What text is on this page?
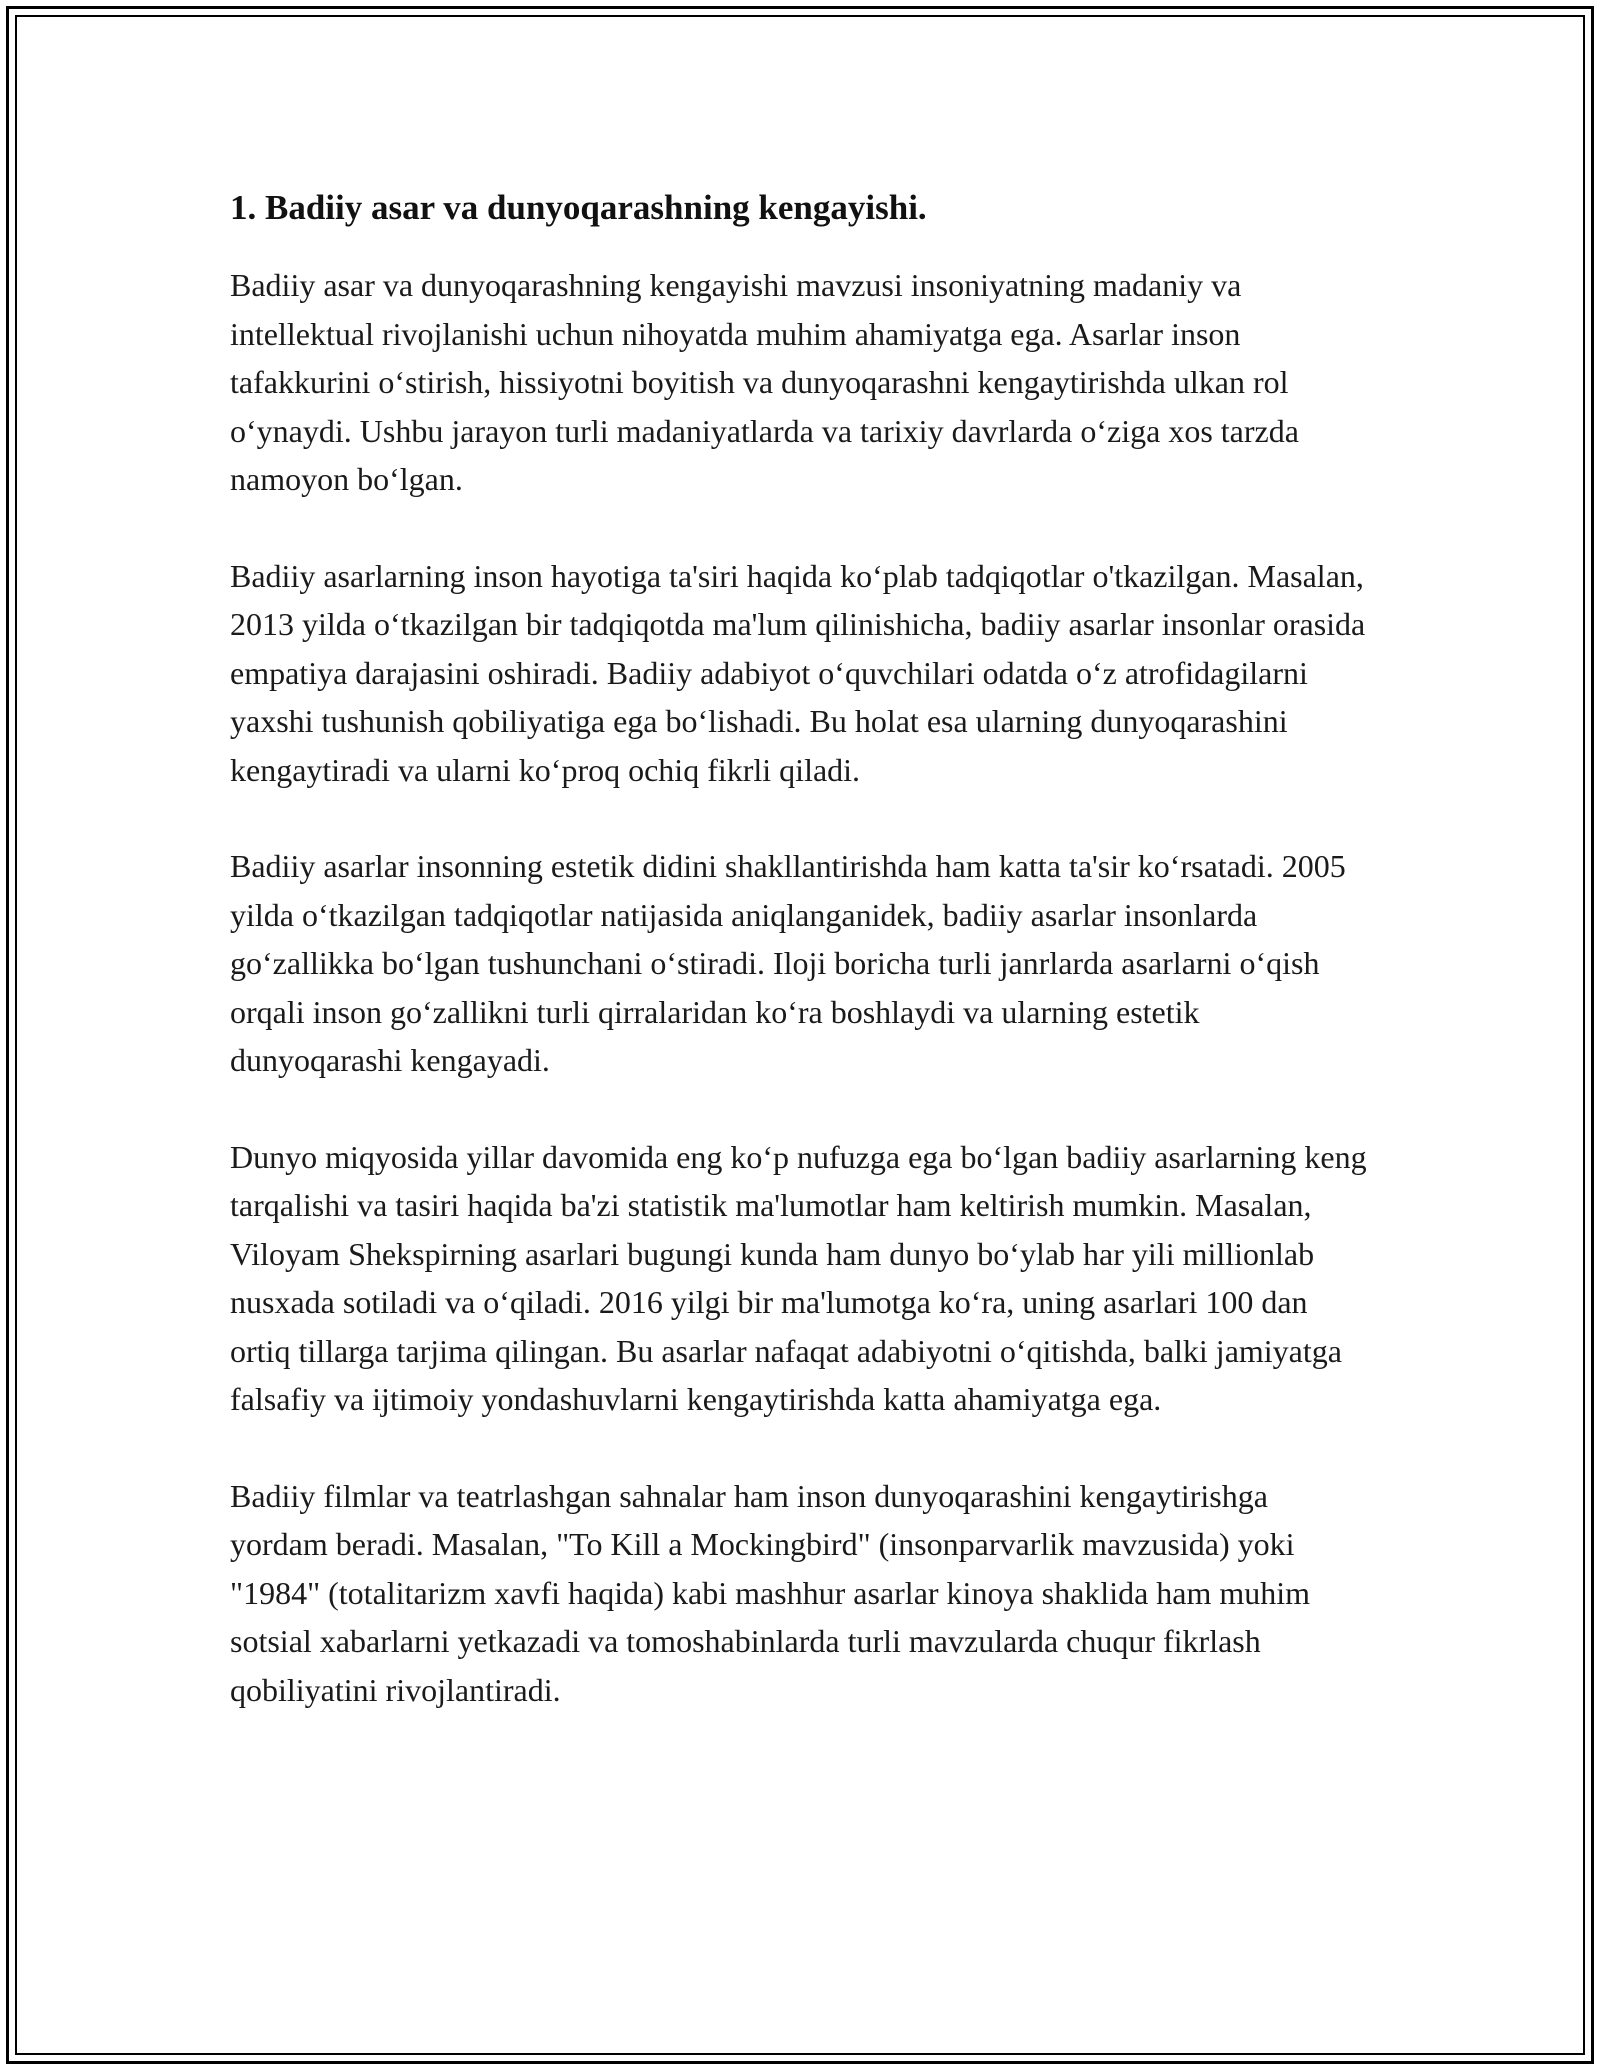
1. Badiiy asar va dunyoqarashning kengayishi.

Badiiy asar va dunyoqarashning kengayishi mavzusi insoniyatning madaniy va intellektual rivojlanishi uchun nihoyatda muhim ahamiyatga ega. Asarlar inson tafakkurini o‘stirish, hissiyotni boyitish va dunyoqarashni kengaytirishda ulkan rol o‘ynaydi. Ushbu jarayon turli madaniyatlarda va tarixiy davrlarda o‘ziga xos tarzda namoyon bo‘lgan.

Badiiy asarlarning inson hayotiga ta'siri haqida ko‘plab tadqiqotlar o'tkazilgan. Masalan, 2013 yilda o‘tkazilgan bir tadqiqotda ma'lum qilinishicha, badiiy asarlar insonlar orasida empatiya darajasini oshiradi. Badiiy adabiyot o‘quvchilari odatda o‘z atrofidagilarni yaxshi tushunish qobiliyatiga ega bo‘lishadi. Bu holat esa ularning dunyoqarashini kengaytiradi va ularni ko‘proq ochiq fikrli qiladi.

Badiiy asarlar insonning estetik didini shakllantirishda ham katta ta'sir ko‘rsatadi. 2005 yilda o‘tkazilgan tadqiqotlar natijasida aniqlanganidek, badiiy asarlar insonlarda go‘zallikka bo‘lgan tushunchani o‘stiradi. Iloji boricha turli janrlarda asarlarni o‘qish orqali inson go‘zallikni turli qirralaridan ko‘ra boshlaydi va ularning estetik dunyoqarashi kengayadi.

Dunyo miqyosida yillar davomida eng ko‘p nufuzga ega bo‘lgan badiiy asarlarning keng tarqalishi va tasiri haqida ba'zi statistik ma'lumotlar ham keltirish mumkin. Masalan, Viloyam Shekspirning asarlari bugungi kunda ham dunyo bo‘ylab har yili millionlab nusxada sotiladi va o‘qiladi. 2016 yilgi bir ma'lumotga ko‘ra, uning asarlari 100 dan ortiq tillarga tarjima qilingan. Bu asarlar nafaqat adabiyotni o‘qitishda, balki jamiyatga falsafiy va ijtimoiy yondashuvlarni kengaytirishda katta ahamiyatga ega.

Badiiy filmlar va teatrlashgan sahnalar ham inson dunyoqarashini kengaytirishga yordam beradi. Masalan, "To Kill a Mockingbird" (insonparvarlik mavzusida) yoki "1984" (totalitarizm xavfi haqida) kabi mashhur asarlar kinoya shaklida ham muhim sotsial xabarlarni yetkazadi va tomoshabinlarda turli mavzularda chuqur fikrlash qobiliyatini rivojlantiradi.
